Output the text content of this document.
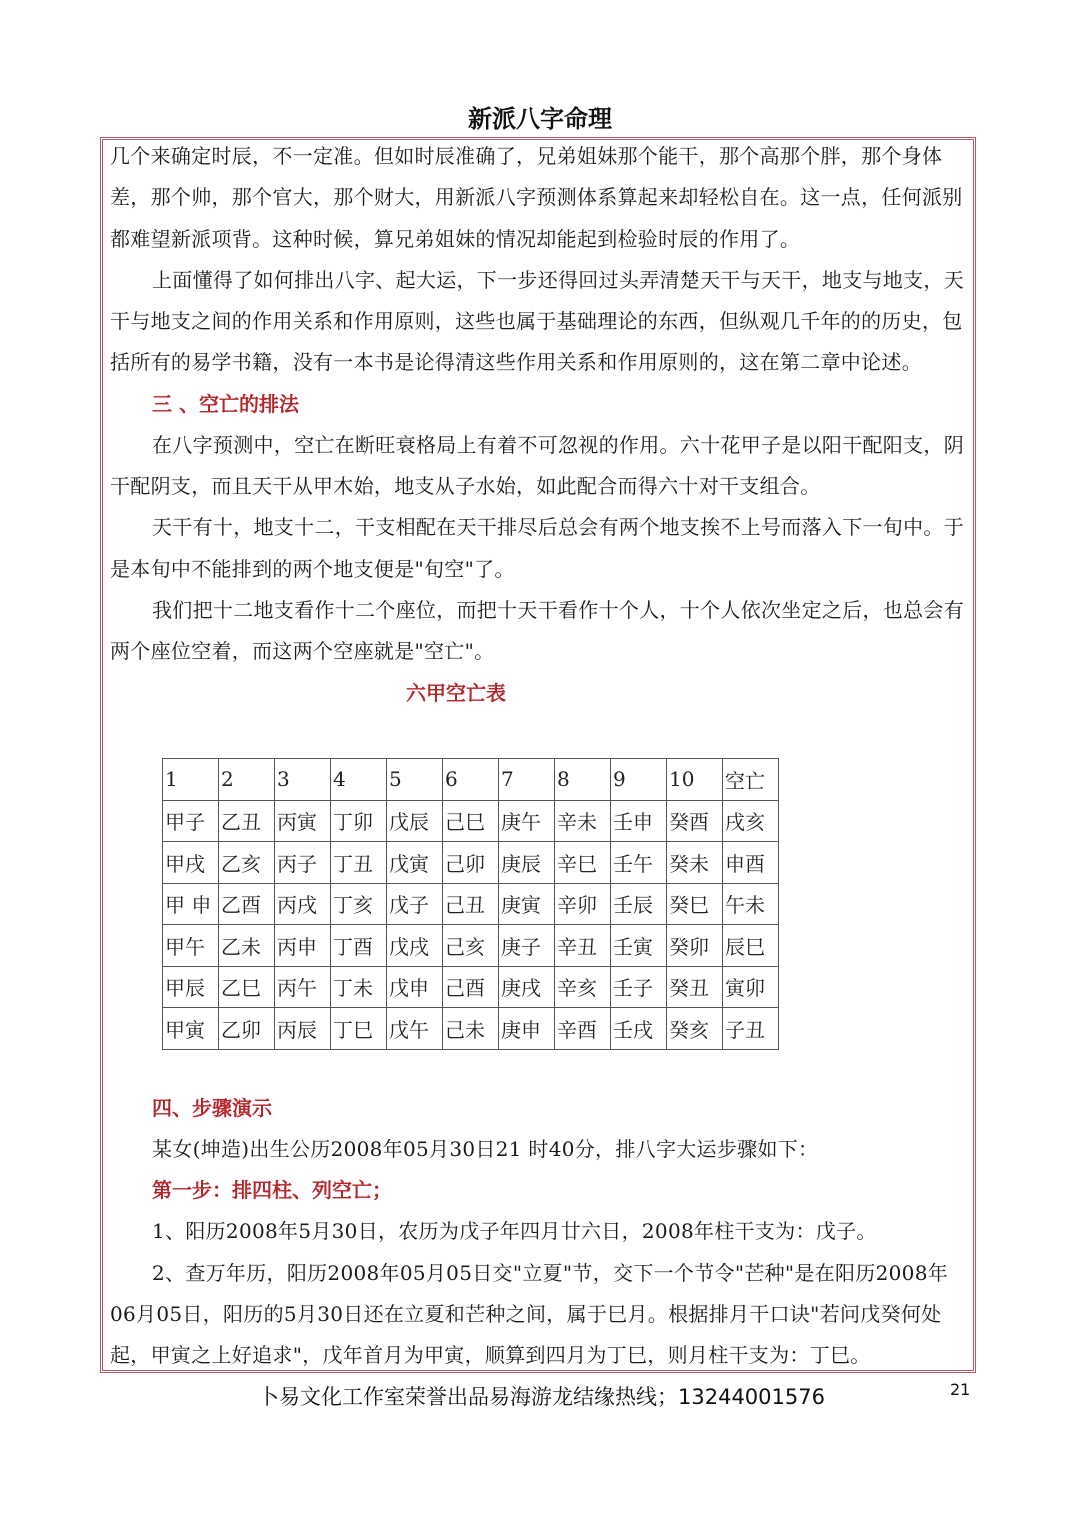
新派八字命理

几个来确定时辰，不一定准。但如时辰准确了，兄弟姐妹那个能干，那个高那个胖，那个身体差，那个帅，那个官大，那个财大，用新派八字预测体系算起来却轻松自在。这一点，任何派别都难望新派项背。这种时候，算兄弟姐妹的情况却能起到检验时辰的作用了。

上面懂得了如何排出八字、起大运，下一步还得回过头弄清楚天干与天干，地支与地支，天干与地支之间的作用关系和作用原则，这些也属于基础理论的东西，但纵观几千年的的历史，包括所有的易学书籍，没有一本书是论得清这些作用关系和作用原则的，这在第二章中论述。

三 、空亡的排法

在八字预测中，空亡在断旺衰格局上有着不可忽视的作用。六十花甲子是以阳干配阳支，阴干配阴支，而且天干从甲木始，地支从子水始，如此配合而得六十对干支组合。

天干有十，地支十二，干支相配在天干排尽后总会有两个地支挨不上号而落入下一旬中。于是本旬中不能排到的两个地支便是"旬空"了。

我们把十二地支看作十二个座位，而把十天干看作十个人，十个人依次坐定之后，也总会有两个座位空着，而这两个空座就是"空亡"。

六甲空亡表

1	2	3	4	5	6	7	8	9	10	空亡
甲子	乙丑	丙寅	丁卯	戊辰	己巳	庚午	辛未	壬申	癸酉	戌亥
甲戌	乙亥	丙子	丁丑	戊寅	己卯	庚辰	辛巳	壬午	癸未	申酉
甲 申	乙酉	丙戌	丁亥	戊子	己丑	庚寅	辛卯	壬辰	癸巳	午未
甲午	乙未	丙申	丁酉	戊戌	己亥	庚子	辛丑	壬寅	癸卯	辰巳
甲辰	乙巳	丙午	丁未	戊申	己酉	庚戌	辛亥	壬子	癸丑	寅卯
甲寅	乙卯	丙辰	丁巳	戊午	己未	庚申	辛酉	壬戌	癸亥	子丑

四、步骤演示

某女(坤造)出生公历2008年05月30日21 时40分，排八字大运步骤如下：

第一步：排四柱、列空亡；

1、阳历2008年5月30日，农历为戊子年四月廿六日，2008年柱干支为：戊子。

2、查万年历，阳历2008年05月05日交"立夏"节，交下一个节令"芒种"是在阳历2008年06月05日，阳历的5月30日还在立夏和芒种之间，属于巳月。根据排月干口诀"若问戊癸何处起，甲寅之上好追求"，戊年首月为甲寅，顺算到四月为丁巳，则月柱干支为：丁巳。

卜易文化工作室荣誉出品易海游龙结缘热线；13244001576	21
